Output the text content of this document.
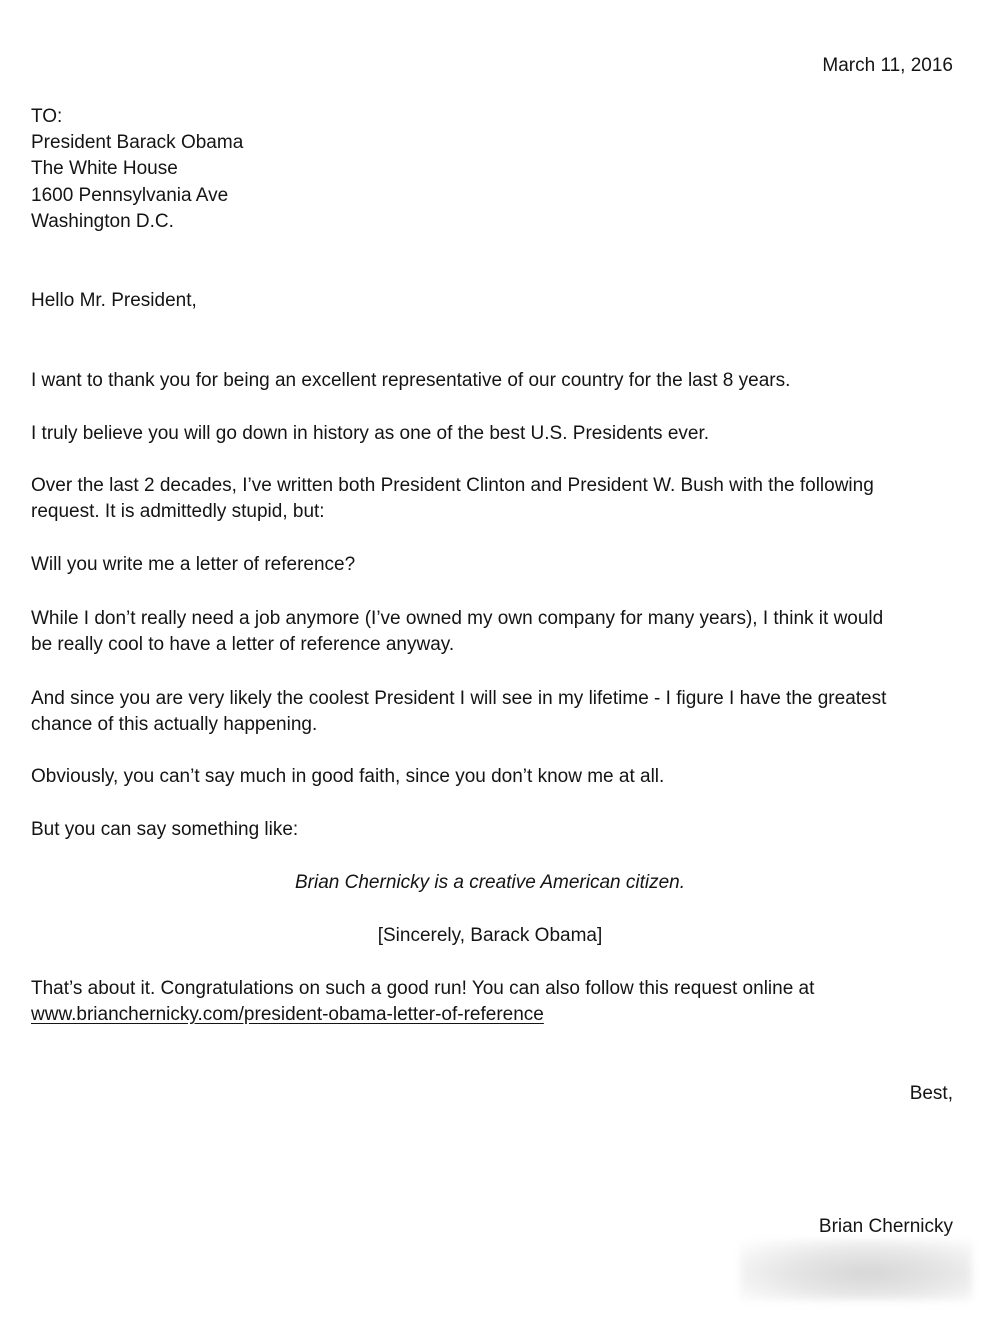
March 11, 2016
TO:
President Barack Obama
The White House
1600 Pennsylvania Ave
Washington D.C.
Hello Mr. President,
I want to thank you for being an excellent representative of our country for the last 8 years.
I truly believe you will go down in history as one of the best U.S. Presidents ever.
Over the last 2 decades, I’ve written both President Clinton and President W. Bush with the following
request. It is admittedly stupid, but:
Will you write me a letter of reference?
While I don’t really need a job anymore (I’ve owned my own company for many years), I think it would
be really cool to have a letter of reference anyway.
And since you are very likely the coolest President I will see in my lifetime - I figure I have the greatest
chance of this actually happening.
Obviously, you can’t say much in good faith, since you don’t know me at all.
But you can say something like:
Brian Chernicky is a creative American citizen.
[Sincerely, Barack Obama]
That’s about it. Congratulations on such a good run! You can also follow this request online at
www.brianchernicky.com/president-obama-letter-of-reference
Best,
Brian Chernicky
